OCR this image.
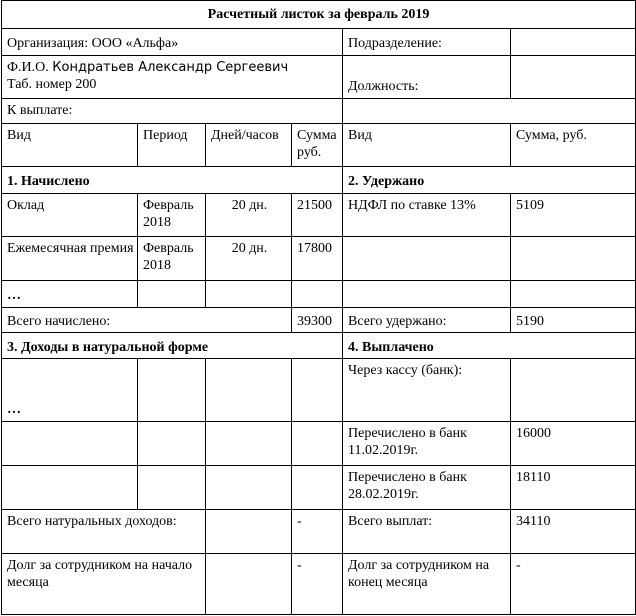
Расчетный листок за февраль 2019					
Организация: ООО «Альфа»				Подразделение:	

Ф.И.О. Кондратьев Александр Сергеевич
Таб. номер 200				Должность:	
К выплате:					
Вид	Период	Дней/часов	Сумма руб.	Вид	Сумма, руб.
1. Начислено				2. Удержано	
Оклад	Февраль 2018	20 дн.	21500	НДФЛ по ставке 13%	5109
Ежемесячная премия	Февраль 2018	20 дн.	17800		
…					
Всего начислено:			39300	Всего удержано:	5190
3. Доходы в натуральной форме				4. Выплачено	
…				Через кассу (банк):	
				Перечислено в банк 11.02.2019г.	16000
				Перечислено в банк 28.02.2019г.	18110
Всего натуральных доходов:			-	Всего выплат:	34110
Долг за сотрудником на начало месяца			-	Долг за сотрудником на конец месяца	-
